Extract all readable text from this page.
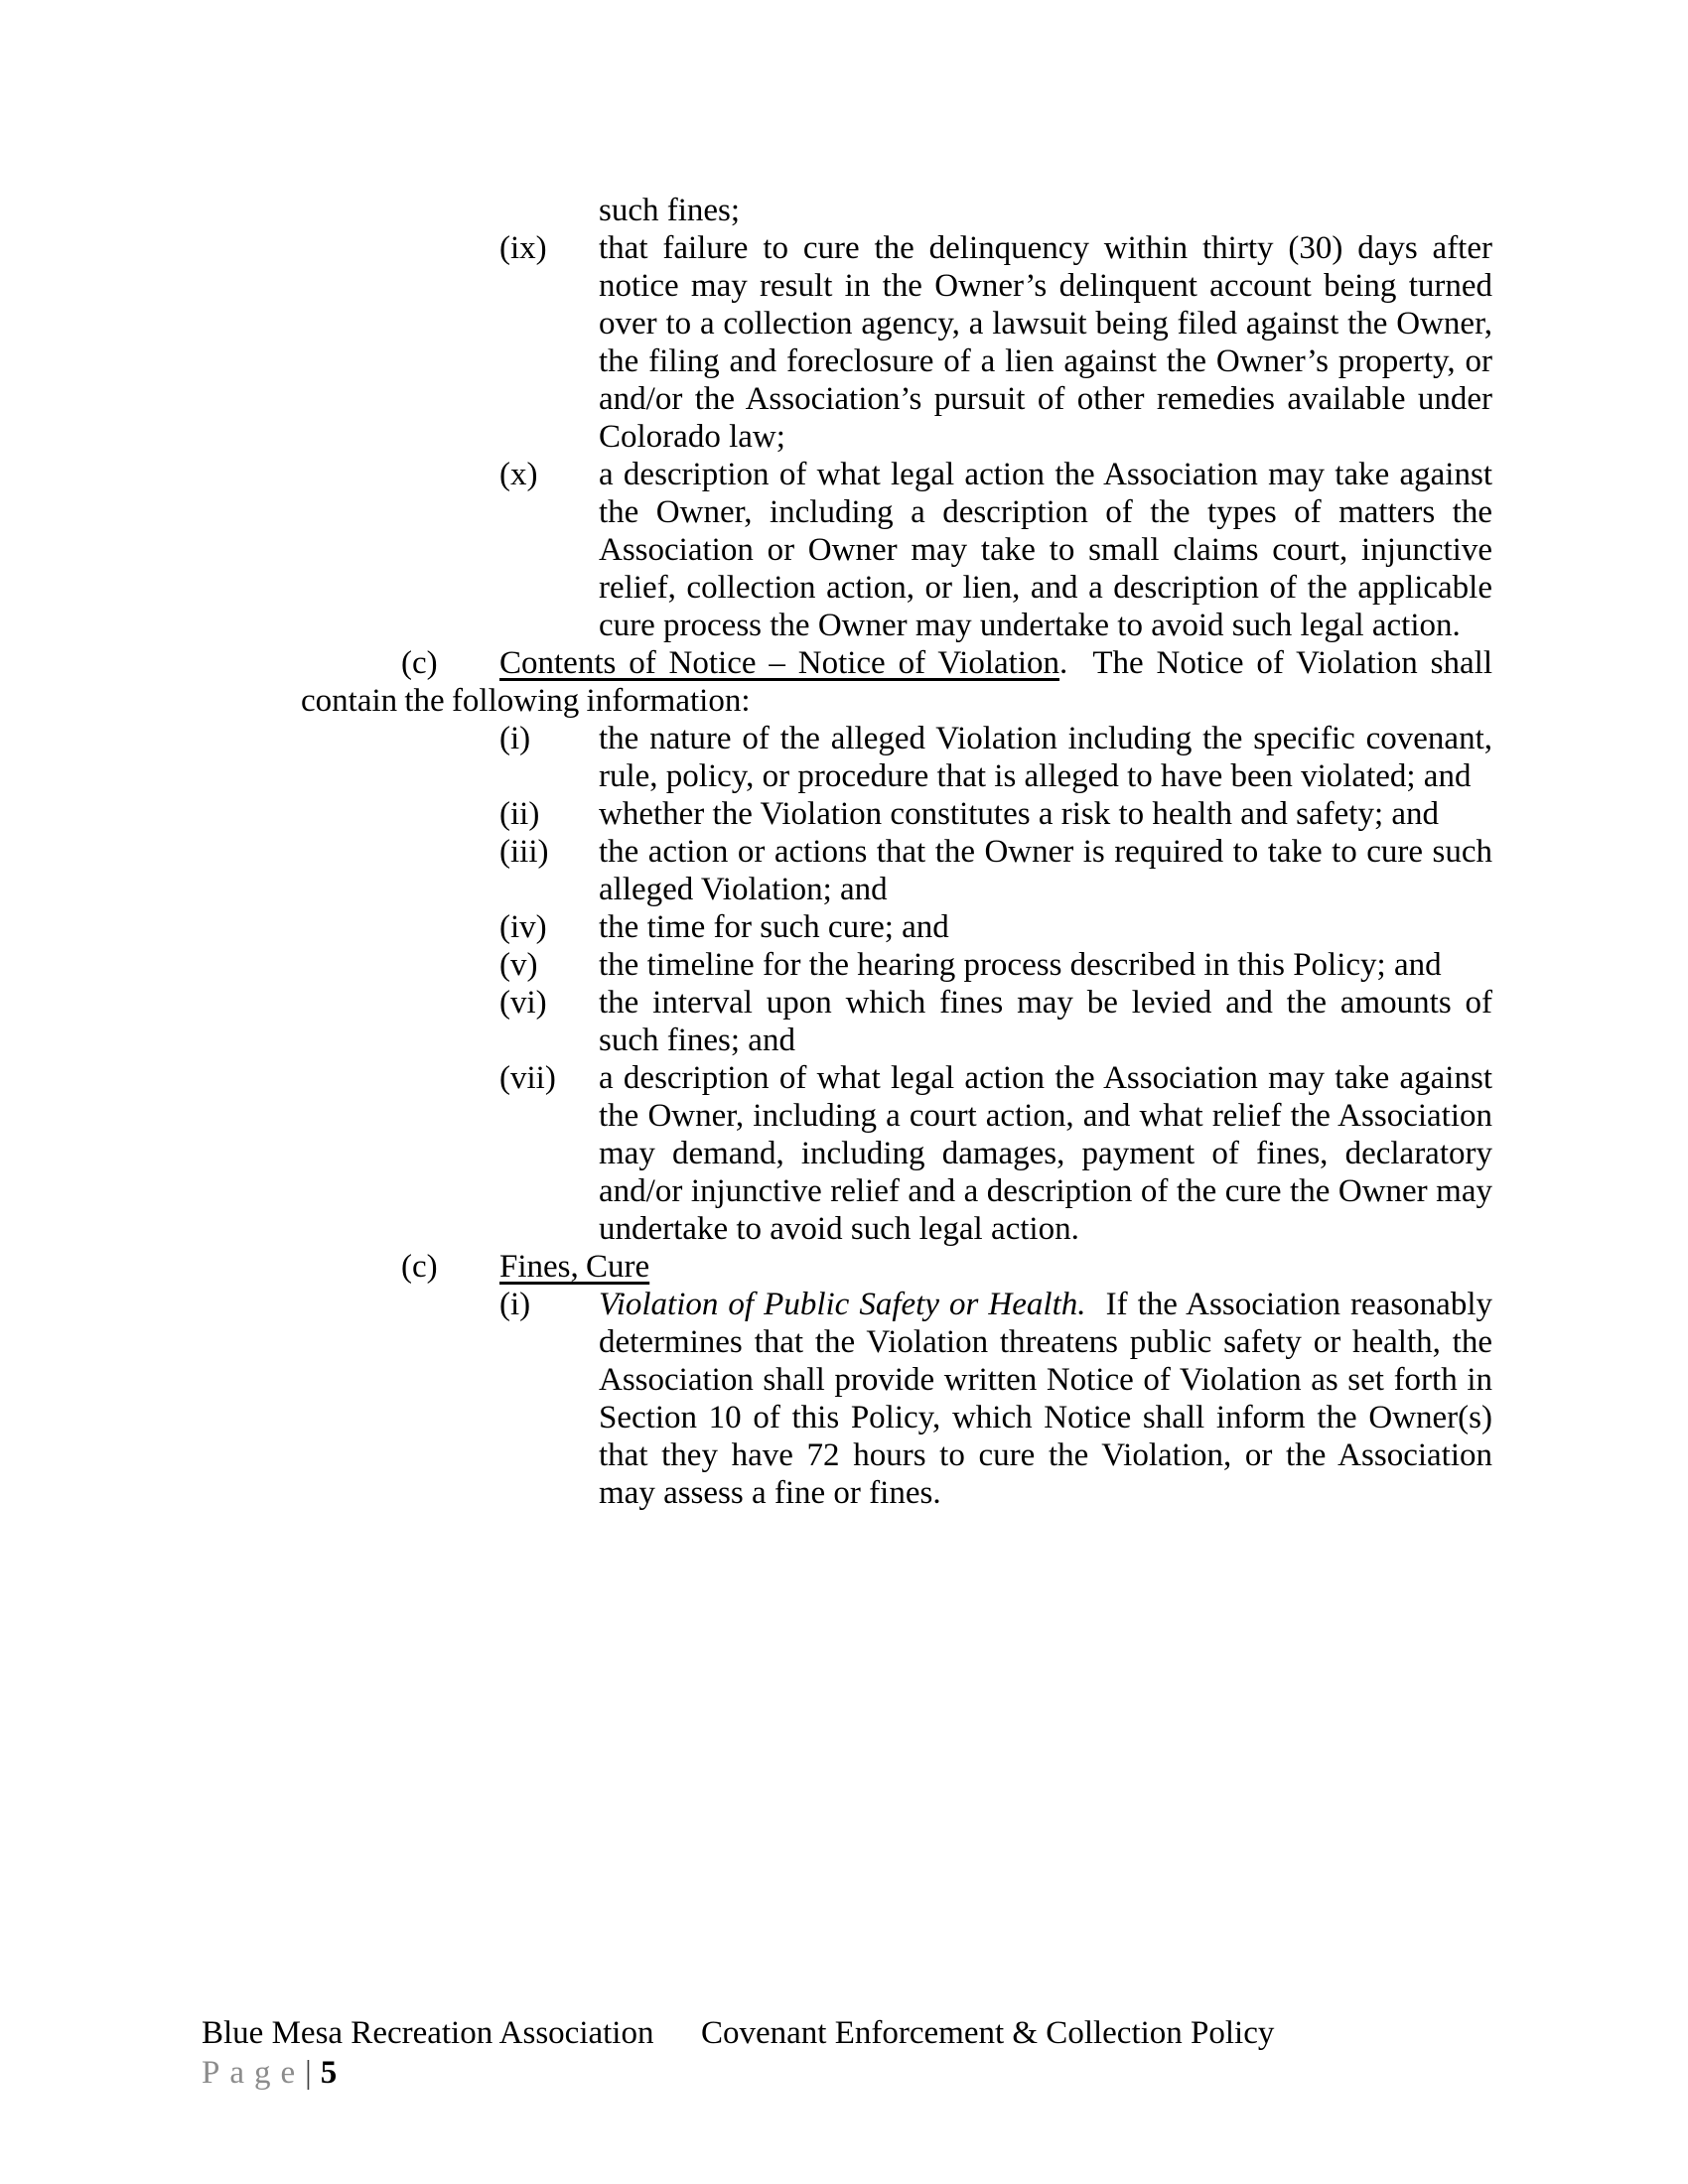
such fines;

(ix) that failure to cure the delinquency within thirty (30) days after notice may result in the Owner’s delinquent account being turned over to a collection agency, a lawsuit being filed against the Owner, the filing and foreclosure of a lien against the Owner’s property, or and/or the Association’s pursuit of other remedies available under Colorado law;

(x) a description of what legal action the Association may take against the Owner, including a description of the types of matters the Association or Owner may take to small claims court, injunctive relief, collection action, or lien, and a description of the applicable cure process the Owner may undertake to avoid such legal action.

(c) Contents of Notice – Notice of Violation.  The Notice of Violation shall contain the following information:

(i) the nature of the alleged Violation including the specific covenant, rule, policy, or procedure that is alleged to have been violated; and

(ii) whether the Violation constitutes a risk to health and safety; and

(iii) the action or actions that the Owner is required to take to cure such alleged Violation; and

(iv) the time for such cure; and

(v) the timeline for the hearing process described in this Policy; and

(vi) the interval upon which fines may be levied and the amounts of such fines; and

(vii) a description of what legal action the Association may take against the Owner, including a court action, and what relief the Association may demand, including damages, payment of fines, declaratory and/or injunctive relief and a description of the cure the Owner may undertake to avoid such legal action.

(c) Fines, Cure

(i) Violation of Public Safety or Health.  If the Association reasonably determines that the Violation threatens public safety or health, the Association shall provide written Notice of Violation as set forth in Section 10 of this Policy, which Notice shall inform the Owner(s) that they have 72 hours to cure the Violation, or the Association may assess a fine or fines.

Blue Mesa Recreation Association Covenant Enforcement & Collection Policy
Page| 5
